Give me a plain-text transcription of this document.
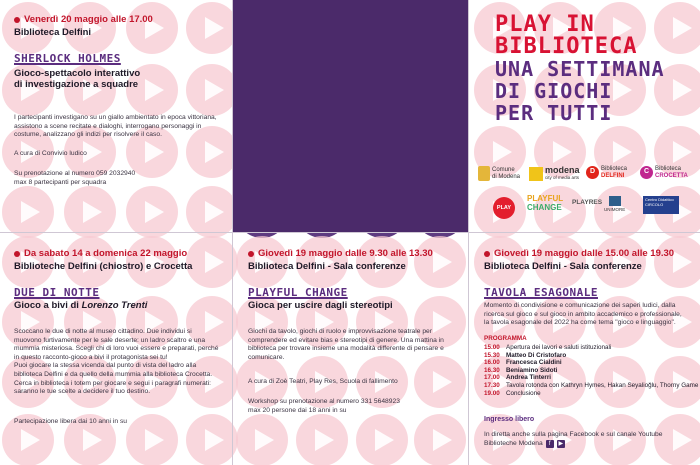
Venerdì 20 maggio alle 17.00
Biblioteca Delfini
SHERLOCK HOLMES
Gioco-spettacolo interattivo
di investigazione a squadre
I partecipanti investigano su un giallo ambientato in epoca vittoriana,
assistono a scene recitate e dialoghi, interrogano personaggi in
costume, analizzano gli indizi per risolvere il caso.
A cura di Convivio ludico
Su prenotazione al numero 059 2032940
max 8 partecipanti per squadra
PLAY IN
BIBLIOTECA
UNA SETTIMANA
DI GIOCHI
PER TUTTI
Comune
di Modena
modena
city of media arts
D Biblioteca
DELFINI
C Biblioteca
CROCETTA
PLAY
PLAYFUL
CHANGE
PLAYRES
UNIMORE
Centro Didattico
CIRCOLO
Da sabato 14 a domenica 22 maggio
Biblioteche Delfini (chiostro) e Crocetta
DUE DI NOTTE
Gioco a bivi di Lorenzo Trenti
Scoccano le due di notte al museo cittadino. Due individui si
muovono furtivamente per le sale deserte: un ladro scaltro e una
mummia misteriosa. Scegli chi di loro vuoi essere e preparati, perché
in questo racconto-gioco a bivi il protagonista sei tu!
Puoi giocare la stessa vicenda dal punto di vista del ladro alla
biblioteca Delfini e da quello della mummia alla biblioteca Crocetta.
Cerca in biblioteca i totem per giocare e segui i paragrafi numerati:
saranno le tue scelte a decidere il tuo destino.
Partecipazione libera dai 10 anni in su
Giovedì 19 maggio dalle 9.30 alle 13.30
Biblioteca Delfini - Sala conferenze
PLAYFUL CHANGE
Gioca per uscire dagli stereotipi
Giochi da tavolo, giochi di ruolo e improvvisazione teatrale per
comprendere ed evitare bias e stereotipi di genere. Una mattina in
biblioteca per trovare insieme una modalità differente di pensare e
comunicare.
A cura di Zoè Teatri, Play Res, Scuola di fallimento
Workshop su prenotazione al numero 331 5648923
max 20 persone dai 18 anni in su
Giovedì 19 maggio dalle 15.00 alle 19.30
Biblioteca Delfini - Sala conferenze
TAVOLA ESAGONALE
Momento di condivisione e comunicazione dei saperi ludici, dalla
ricerca sul gioco e sul gioco in ambito accademico e professionale,
la tavola esagonale del 2022 ha come tema "gioco e linguaggio".
PROGRAMMA
15.00 Apertura dei lavori e saluti istituzionali
15.30 Matteo Di Cristofaro
16.00 Francesca Cialdini
16.30 Beniamino Sidoti
17.00 Andrea Tinterri
17.30 Tavola rotonda con Kathryn Hymes, Hakan Seyalioğlu, Thorny Game
19.00 Conclusione
Ingresso libero
In diretta anche sulla pagina Facebook e sul canale Youtube
Biblioteche Modena	f	▶
